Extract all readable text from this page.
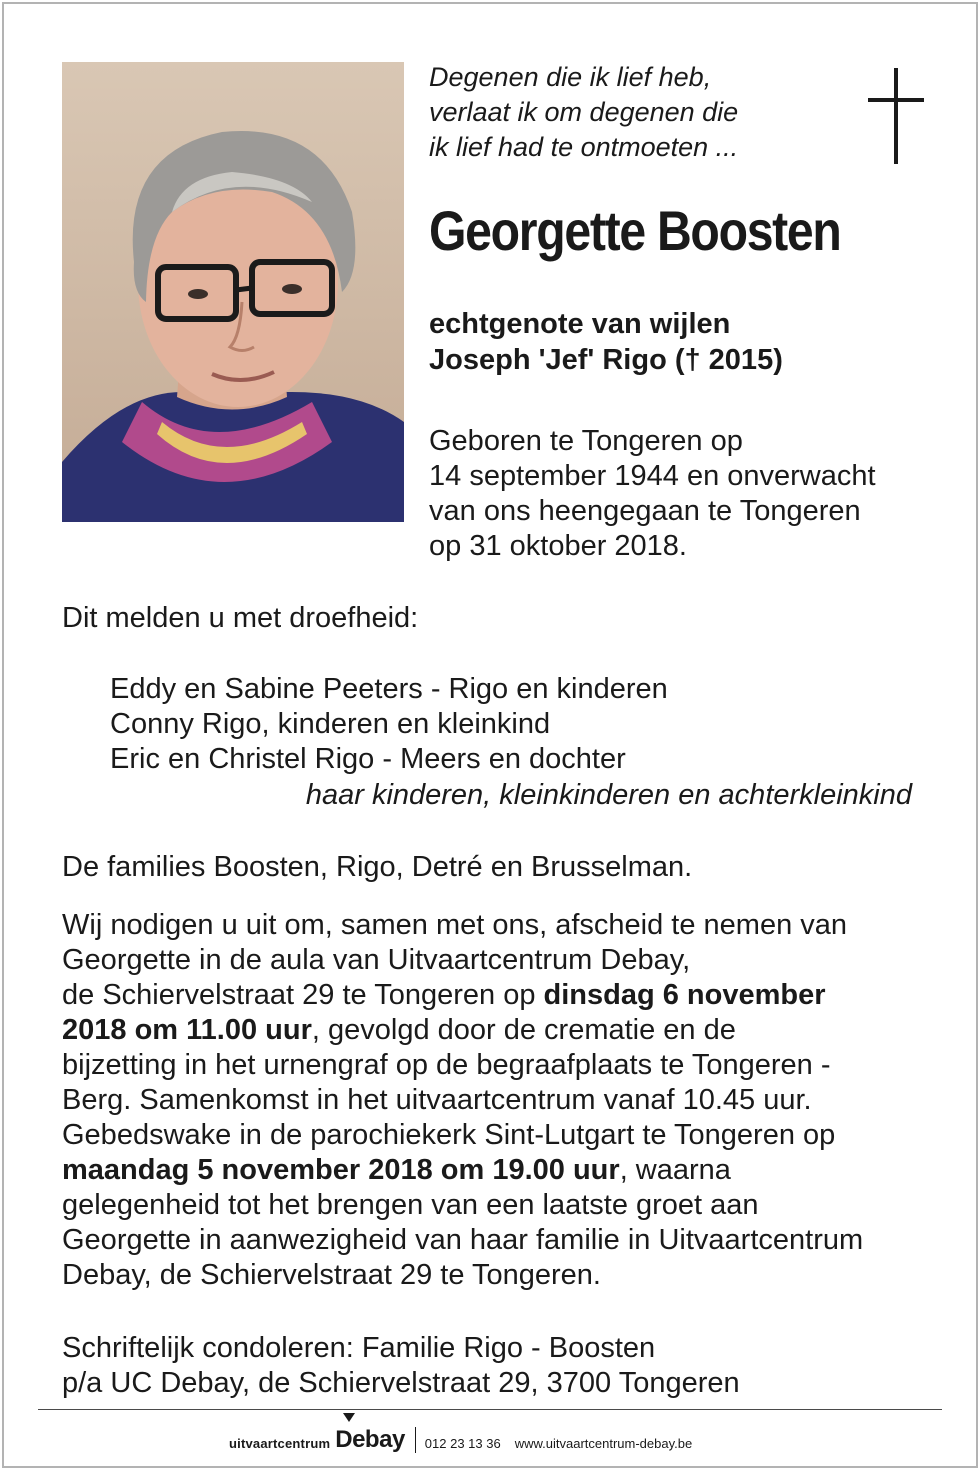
Degenen die ik lief heb,
verlaat ik om degenen die
ik lief had te ontmoeten ...
Georgette Boosten
echtgenote van wijlen
Joseph 'Jef' Rigo († 2015)
Geboren te Tongeren op
14 september 1944 en onverwacht
van ons heengegaan te Tongeren
op 31 oktober 2018.
Dit melden u met droefheid:
Eddy en Sabine Peeters - Rigo en kinderen
Conny Rigo, kinderen en kleinkind
Eric en Christel Rigo - Meers en dochter
haar kinderen, kleinkinderen en achterkleinkind
De families Boosten, Rigo, Detré en Brusselman.
Wij nodigen u uit om, samen met ons, afscheid te nemen van
Georgette in de aula van Uitvaartcentrum Debay,
de Schiervelstraat 29 te Tongeren op dinsdag 6 november
2018 om 11.00 uur, gevolgd door de crematie en de
bijzetting in het urnengraf op de begraafplaats te Tongeren -
Berg. Samenkomst in het uitvaartcentrum vanaf 10.45 uur.
Gebedswake in de parochiekerk Sint-Lutgart te Tongeren op
maandag 5 november 2018 om 19.00 uur, waarna
gelegenheid tot het brengen van een laatste groet aan
Georgette in aanwezigheid van haar familie in Uitvaartcentrum
Debay, de Schiervelstraat 29 te Tongeren.
Schriftelijk condoleren: Familie Rigo - Boosten
p/a UC Debay, de Schiervelstraat 29, 3700 Tongeren
uitvaartcentrum Debay 012 23 13 36 www.uitvaartcentrum-debay.be
